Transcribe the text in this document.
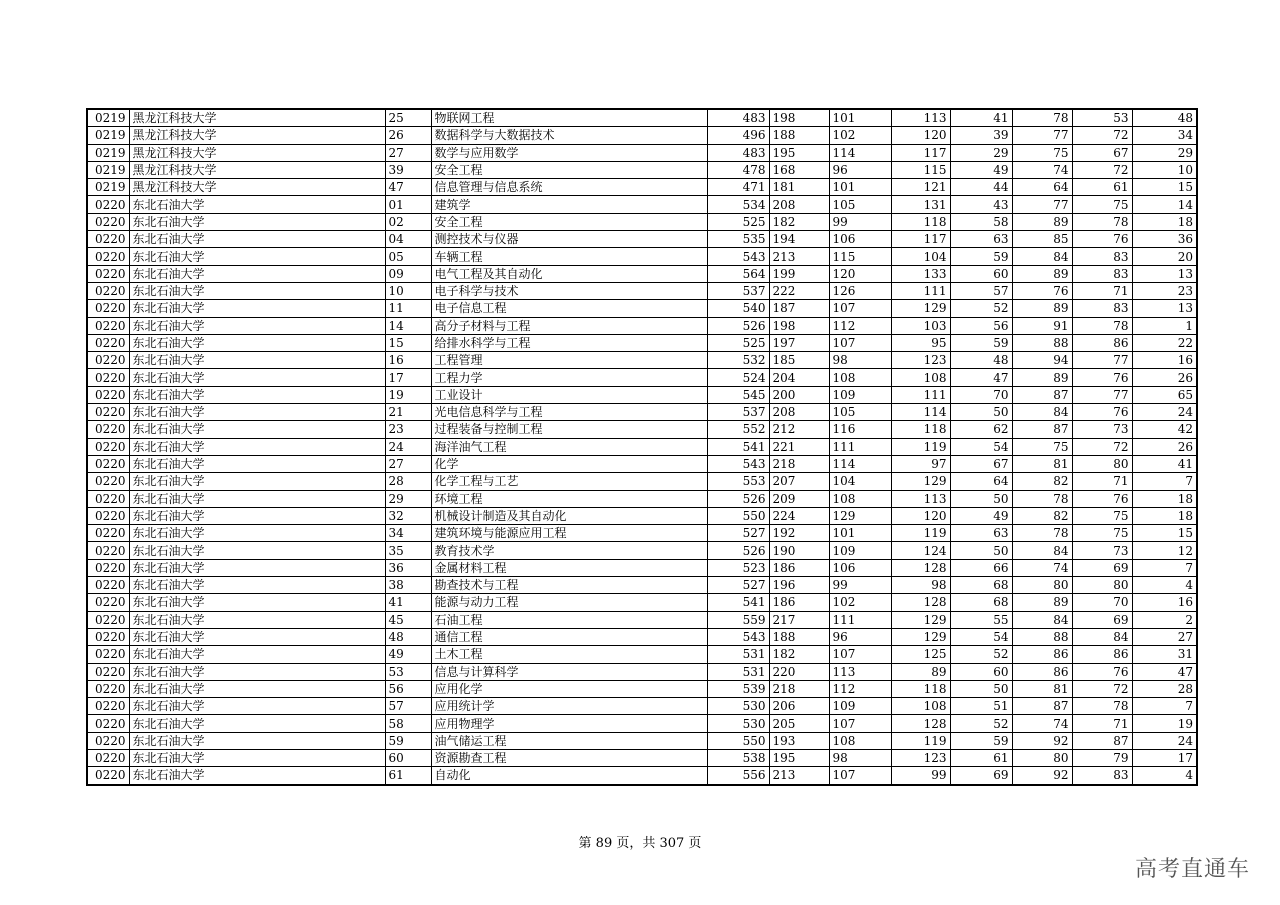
0219	黑龙江科技大学	25	物联网工程	483	198	101	113	41	78	53	48
0219	黑龙江科技大学	26	数据科学与大数据技术	496	188	102	120	39	77	72	34
0219	黑龙江科技大学	27	数学与应用数学	483	195	114	117	29	75	67	29
0219	黑龙江科技大学	39	安全工程	478	168	96	115	49	74	72	10
0219	黑龙江科技大学	47	信息管理与信息系统	471	181	101	121	44	64	61	15
0220	东北石油大学	01	建筑学	534	208	105	131	43	77	75	14
0220	东北石油大学	02	安全工程	525	182	99	118	58	89	78	18
0220	东北石油大学	04	测控技术与仪器	535	194	106	117	63	85	76	36
0220	东北石油大学	05	车辆工程	543	213	115	104	59	84	83	20
0220	东北石油大学	09	电气工程及其自动化	564	199	120	133	60	89	83	13
0220	东北石油大学	10	电子科学与技术	537	222	126	111	57	76	71	23
0220	东北石油大学	11	电子信息工程	540	187	107	129	52	89	83	13
0220	东北石油大学	14	高分子材料与工程	526	198	112	103	56	91	78	1
0220	东北石油大学	15	给排水科学与工程	525	197	107	95	59	88	86	22
0220	东北石油大学	16	工程管理	532	185	98	123	48	94	77	16
0220	东北石油大学	17	工程力学	524	204	108	108	47	89	76	26
0220	东北石油大学	19	工业设计	545	200	109	111	70	87	77	65
0220	东北石油大学	21	光电信息科学与工程	537	208	105	114	50	84	76	24
0220	东北石油大学	23	过程装备与控制工程	552	212	116	118	62	87	73	42
0220	东北石油大学	24	海洋油气工程	541	221	111	119	54	75	72	26
0220	东北石油大学	27	化学	543	218	114	97	67	81	80	41
0220	东北石油大学	28	化学工程与工艺	553	207	104	129	64	82	71	7
0220	东北石油大学	29	环境工程	526	209	108	113	50	78	76	18
0220	东北石油大学	32	机械设计制造及其自动化	550	224	129	120	49	82	75	18
0220	东北石油大学	34	建筑环境与能源应用工程	527	192	101	119	63	78	75	15
0220	东北石油大学	35	教育技术学	526	190	109	124	50	84	73	12
0220	东北石油大学	36	金属材料工程	523	186	106	128	66	74	69	7
0220	东北石油大学	38	勘查技术与工程	527	196	99	98	68	80	80	4
0220	东北石油大学	41	能源与动力工程	541	186	102	128	68	89	70	16
0220	东北石油大学	45	石油工程	559	217	111	129	55	84	69	2
0220	东北石油大学	48	通信工程	543	188	96	129	54	88	84	27
0220	东北石油大学	49	土木工程	531	182	107	125	52	86	86	31
0220	东北石油大学	53	信息与计算科学	531	220	113	89	60	86	76	47
0220	东北石油大学	56	应用化学	539	218	112	118	50	81	72	28
0220	东北石油大学	57	应用统计学	530	206	109	108	51	87	78	7
0220	东北石油大学	58	应用物理学	530	205	107	128	52	74	71	19
0220	东北石油大学	59	油气储运工程	550	193	108	119	59	92	87	24
0220	东北石油大学	60	资源勘查工程	538	195	98	123	61	80	79	17
0220	东北石油大学	61	自动化	556	213	107	99	69	92	83	4
第 89 页，共 307 页
高考直通车
